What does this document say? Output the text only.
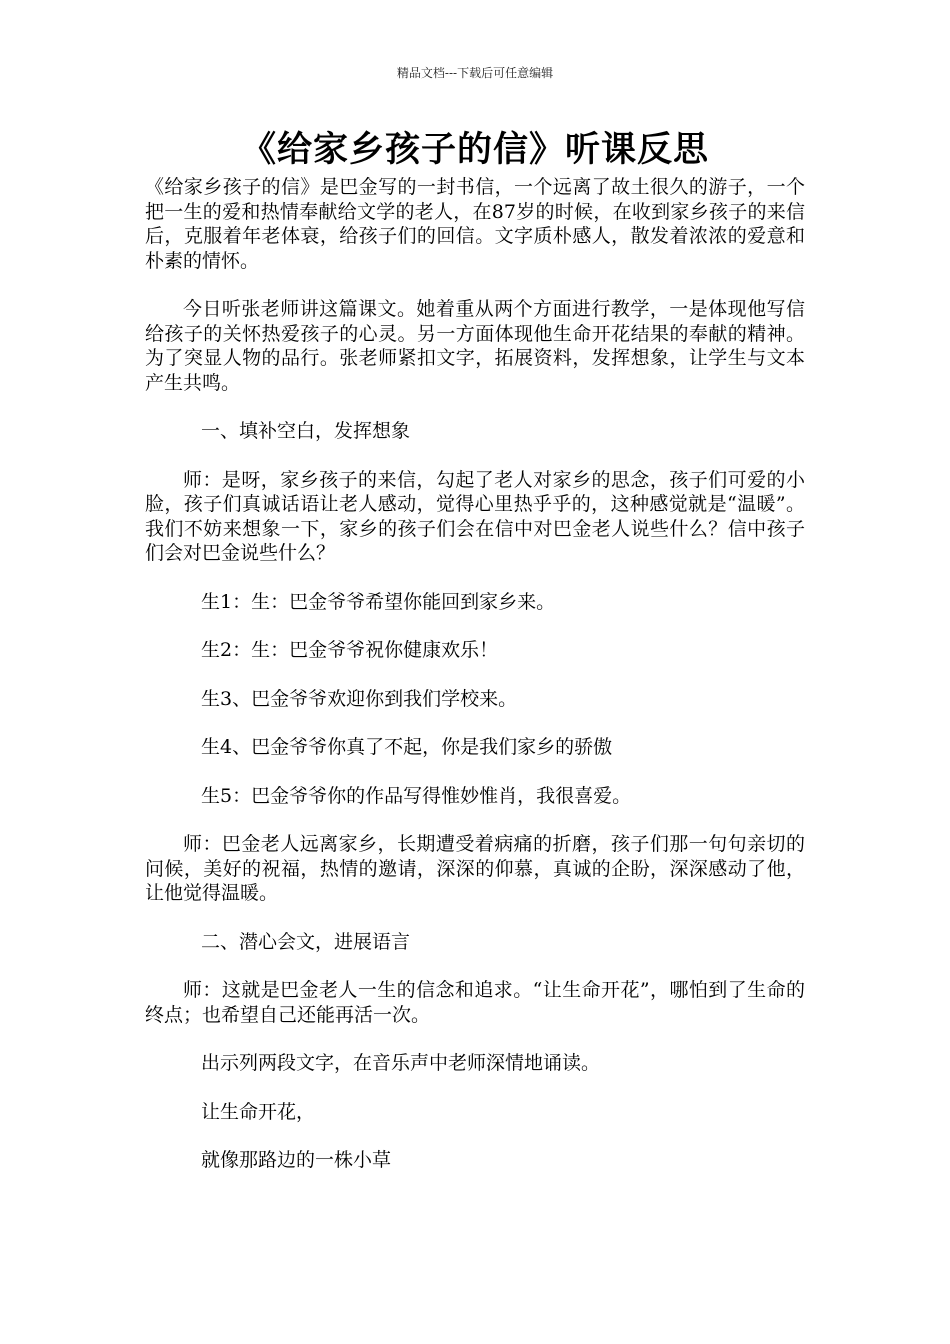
精品文档---下载后可任意编辑
《给家乡孩子的信》听课反思

《给家乡孩子的信》是巴金写的一封书信，一个远离了故土很久的游子，一个把一生的爱和热情奉献给文学的老人，在87岁的时候，在收到家乡孩子的来信后，克服着年老体衰，给孩子们的回信。文字质朴感人，散发着浓浓的爱意和朴素的情怀。

今日听张老师讲这篇课文。她着重从两个方面进行教学，一是体现他写信给孩子的关怀热爱孩子的心灵。另一方面体现他生命开花结果的奉献的精神。为了突显人物的品行。张老师紧扣文字，拓展资料，发挥想象，让学生与文本产生共鸣。

一、填补空白，发挥想象

师：是呀，家乡孩子的来信，勾起了老人对家乡的思念，孩子们可爱的小脸，孩子们真诚话语让老人感动，觉得心里热乎乎的，这种感觉就是“温暖”。我们不妨来想象一下，家乡的孩子们会在信中对巴金老人说些什么？信中孩子们会对巴金说些什么？

生1：生：巴金爷爷希望你能回到家乡来。

生2：生：巴金爷爷祝你健康欢乐！

生3、巴金爷爷欢迎你到我们学校来。

生4、巴金爷爷你真了不起，你是我们家乡的骄傲

生5：巴金爷爷你的作品写得惟妙惟肖，我很喜爱。

师：巴金老人远离家乡，长期遭受着病痛的折磨，孩子们那一句句亲切的问候，美好的祝福，热情的邀请，深深的仰慕，真诚的企盼，深深感动了他，让他觉得温暖。

二、潜心会文，进展语言

师：这就是巴金老人一生的信念和追求。“让生命开花”，哪怕到了生命的终点；也希望自己还能再活一次。

出示列两段文字，在音乐声中老师深情地诵读。

让生命开花，

就像那路边的一株小草
